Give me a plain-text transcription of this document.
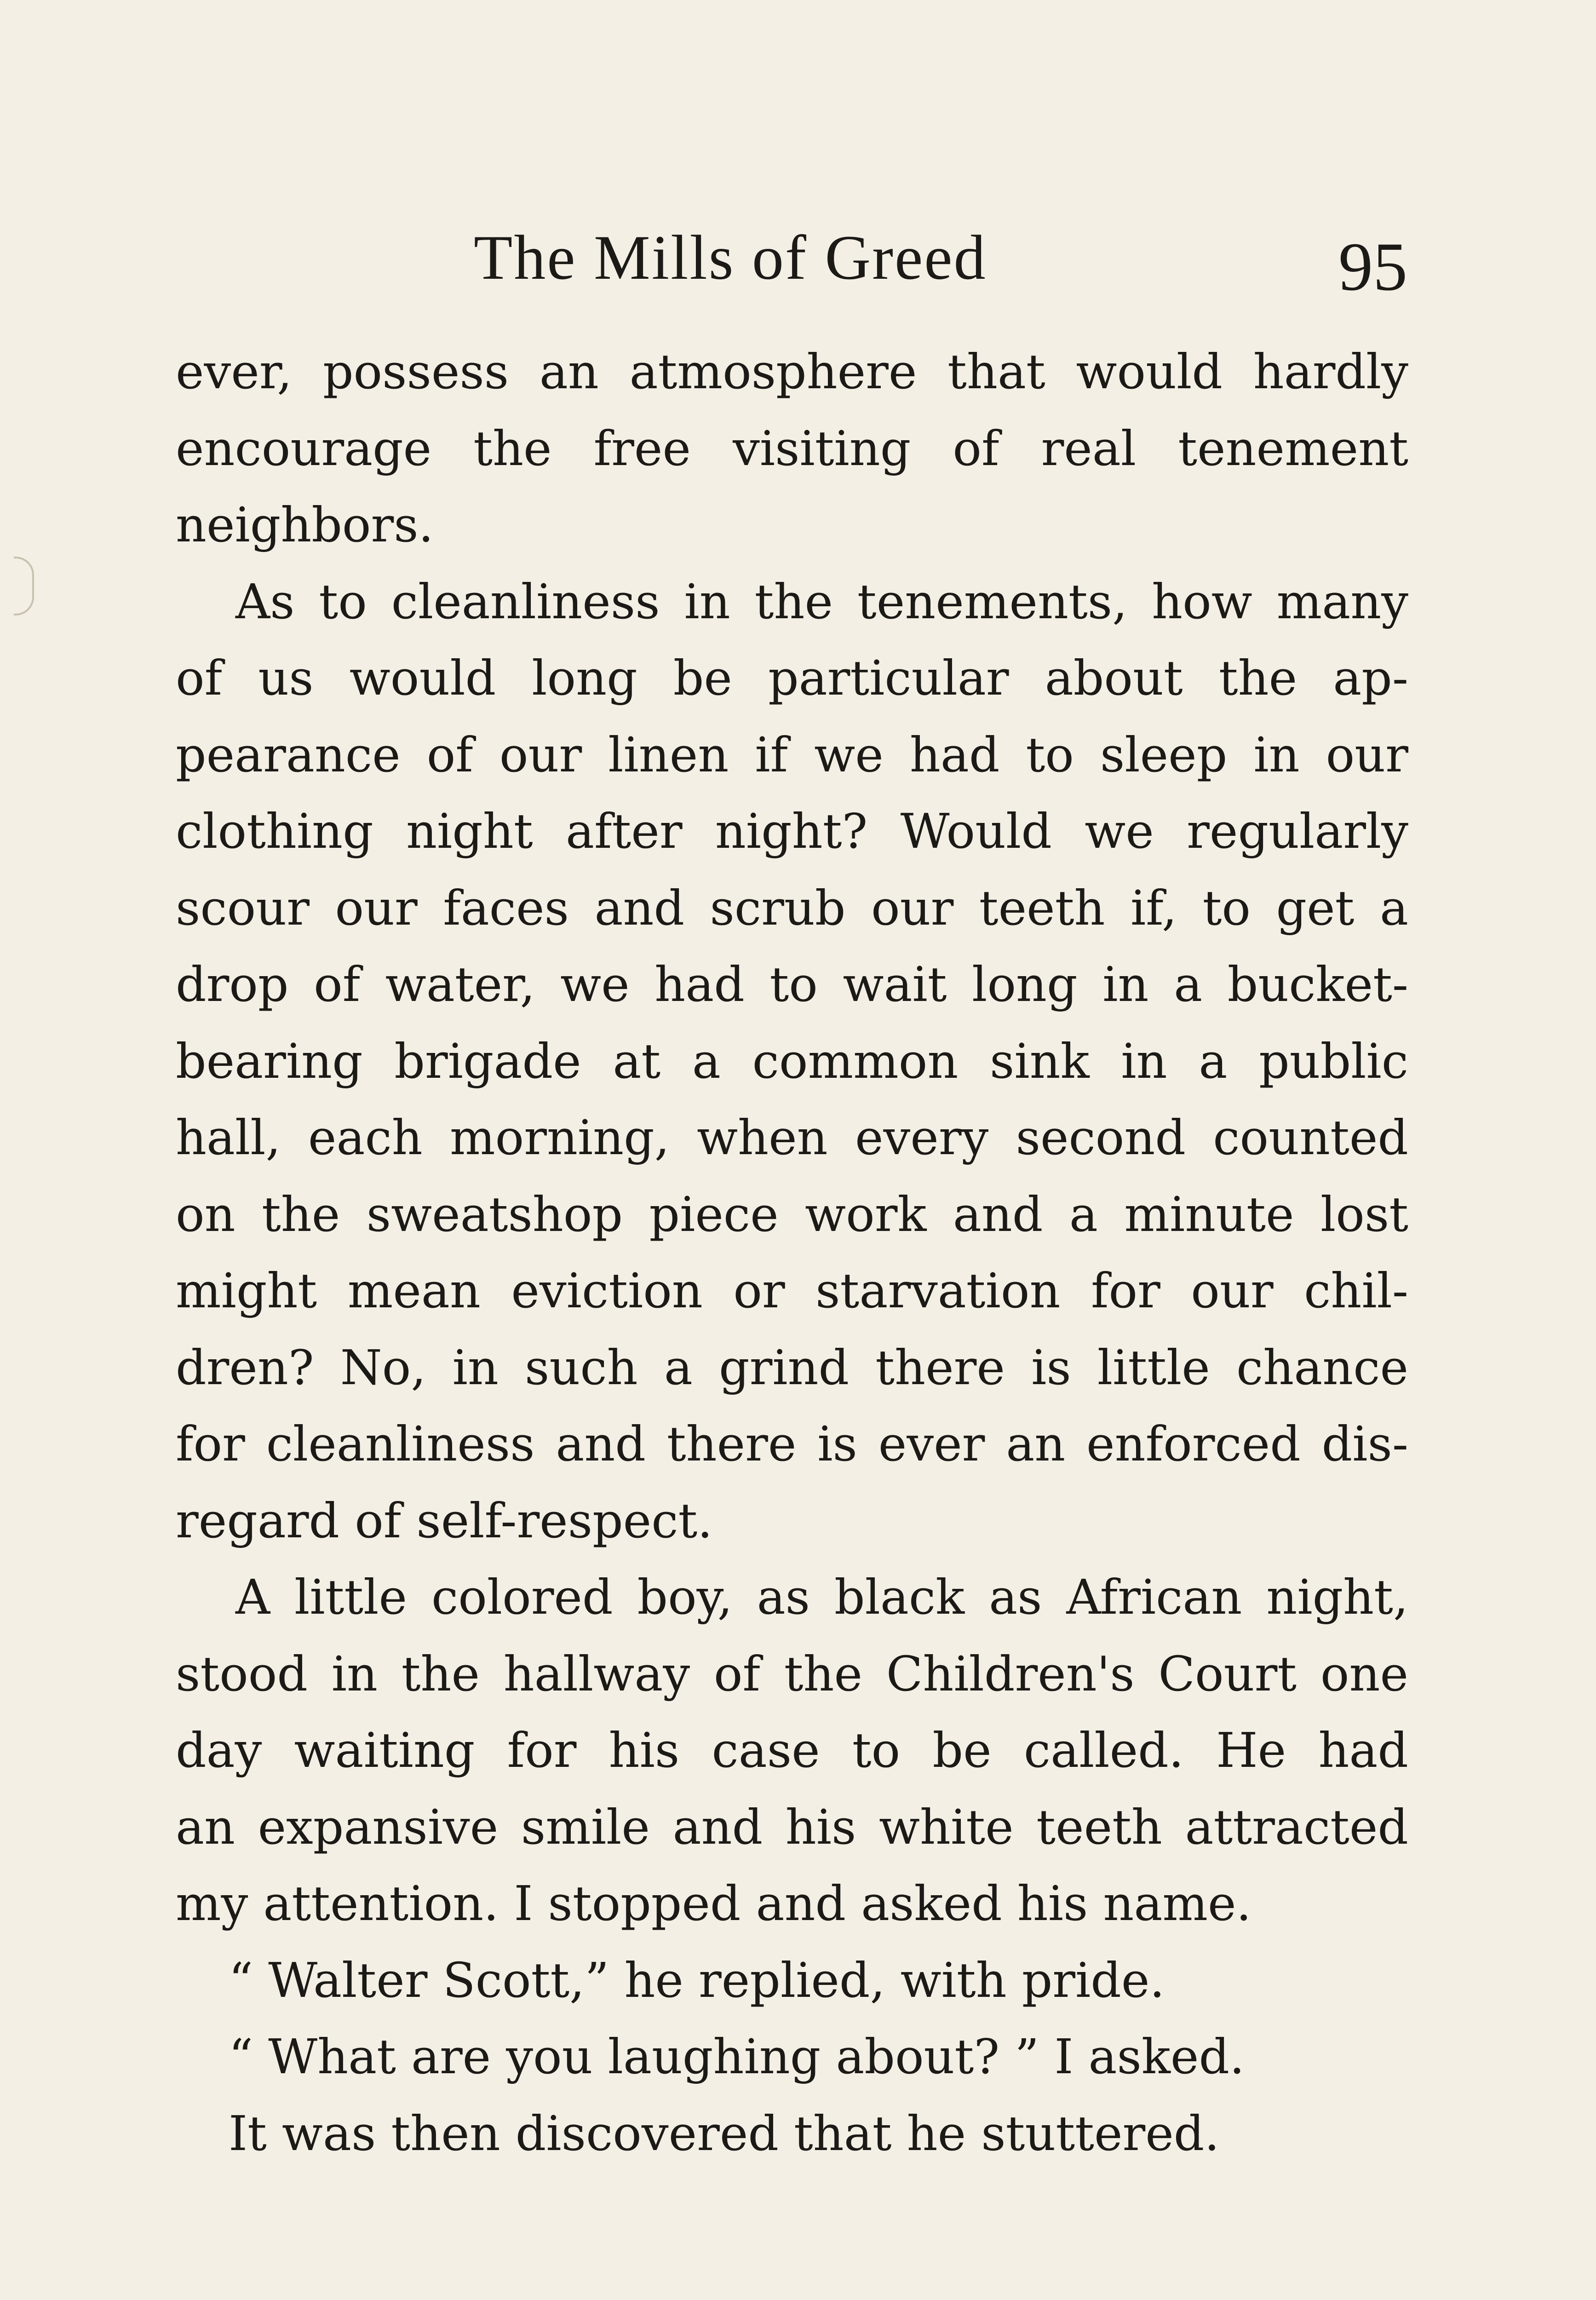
The Mills of Greed	95
ever, possess an atmosphere that would hardly
encourage the free visiting of real tenement
neighbors.
As to cleanliness in the tenements, how many
of us would long be particular about the ap-
pearance of our linen if we had to sleep in our
clothing night after night? Would we regularly
scour our faces and scrub our teeth if, to get a
drop of water, we had to wait long in a bucket-
bearing brigade at a common sink in a public
hall, each morning, when every second counted
on the sweatshop piece work and a minute lost
might mean eviction or starvation for our chil-
dren? No, in such a grind there is little chance
for cleanliness and there is ever an enforced dis-
regard of self-respect.
A little colored boy, as black as African night,
stood in the hallway of the Children's Court one
day waiting for his case to be called. He had
an expansive smile and his white teeth attracted
my attention. I stopped and asked his name.
“ Walter Scott,” he replied, with pride.
“ What are you laughing about? ” I asked.
It was then discovered that he stuttered.
